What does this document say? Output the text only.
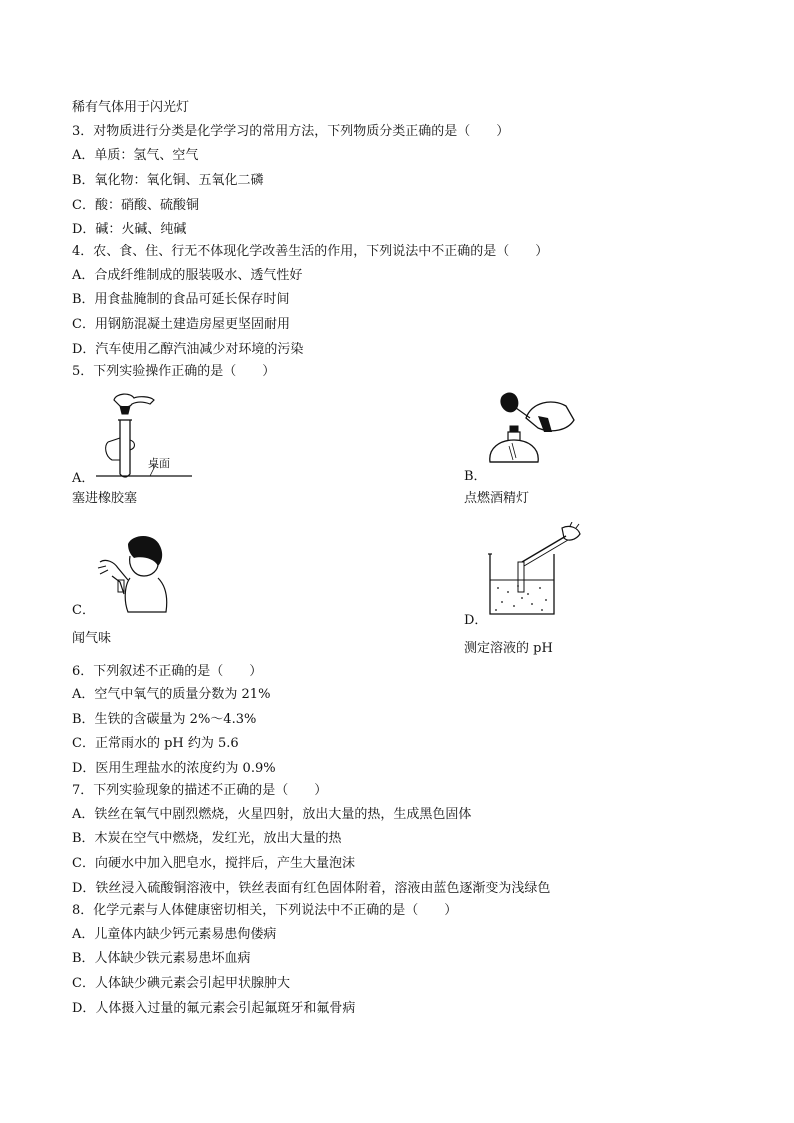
稀有气体用于闪光灯
3．对物质进行分类是化学学习的常用方法，下列物质分类正确的是（　　）
A．单质：氢气、空气
B．氧化物：氧化铜、五氧化二磷
C．酸：硝酸、硫酸铜
D．碱：火碱、纯碱
4．农、食、住、行无不体现化学改善生活的作用，下列说法中不正确的是（　　）
A．合成纤维制成的服装吸水、透气性好
B．用食盐腌制的食品可延长保存时间
C．用钢筋混凝土建造房屋更坚固耐用
D．汽车使用乙醇汽油减少对环境的污染
5．下列实验操作正确的是（　　）
桌面
A．
塞进橡胶塞
B．
点燃酒精灯
C．
闻气味
D．
测定溶液的 pH
6．下列叙述不正确的是（　　）
A．空气中氧气的质量分数为 21%
B．生铁的含碳量为 2%～4.3%
C．正常雨水的 pH 约为 5.6
D．医用生理盐水的浓度约为 0.9%
7．下列实验现象的描述不正确的是（　　）
A．铁丝在氧气中剧烈燃烧，火星四射，放出大量的热，生成黑色固体
B．木炭在空气中燃烧，发红光，放出大量的热
C．向硬水中加入肥皂水，搅拌后，产生大量泡沫
D．铁丝浸入硫酸铜溶液中，铁丝表面有红色固体附着，溶液由蓝色逐渐变为浅绿色
8．化学元素与人体健康密切相关，下列说法中不正确的是（　　）
A．儿童体内缺少钙元素易患佝偻病
B．人体缺少铁元素易患坏血病
C．人体缺少碘元素会引起甲状腺肿大
D．人体摄入过量的氟元素会引起氟斑牙和氟骨病
